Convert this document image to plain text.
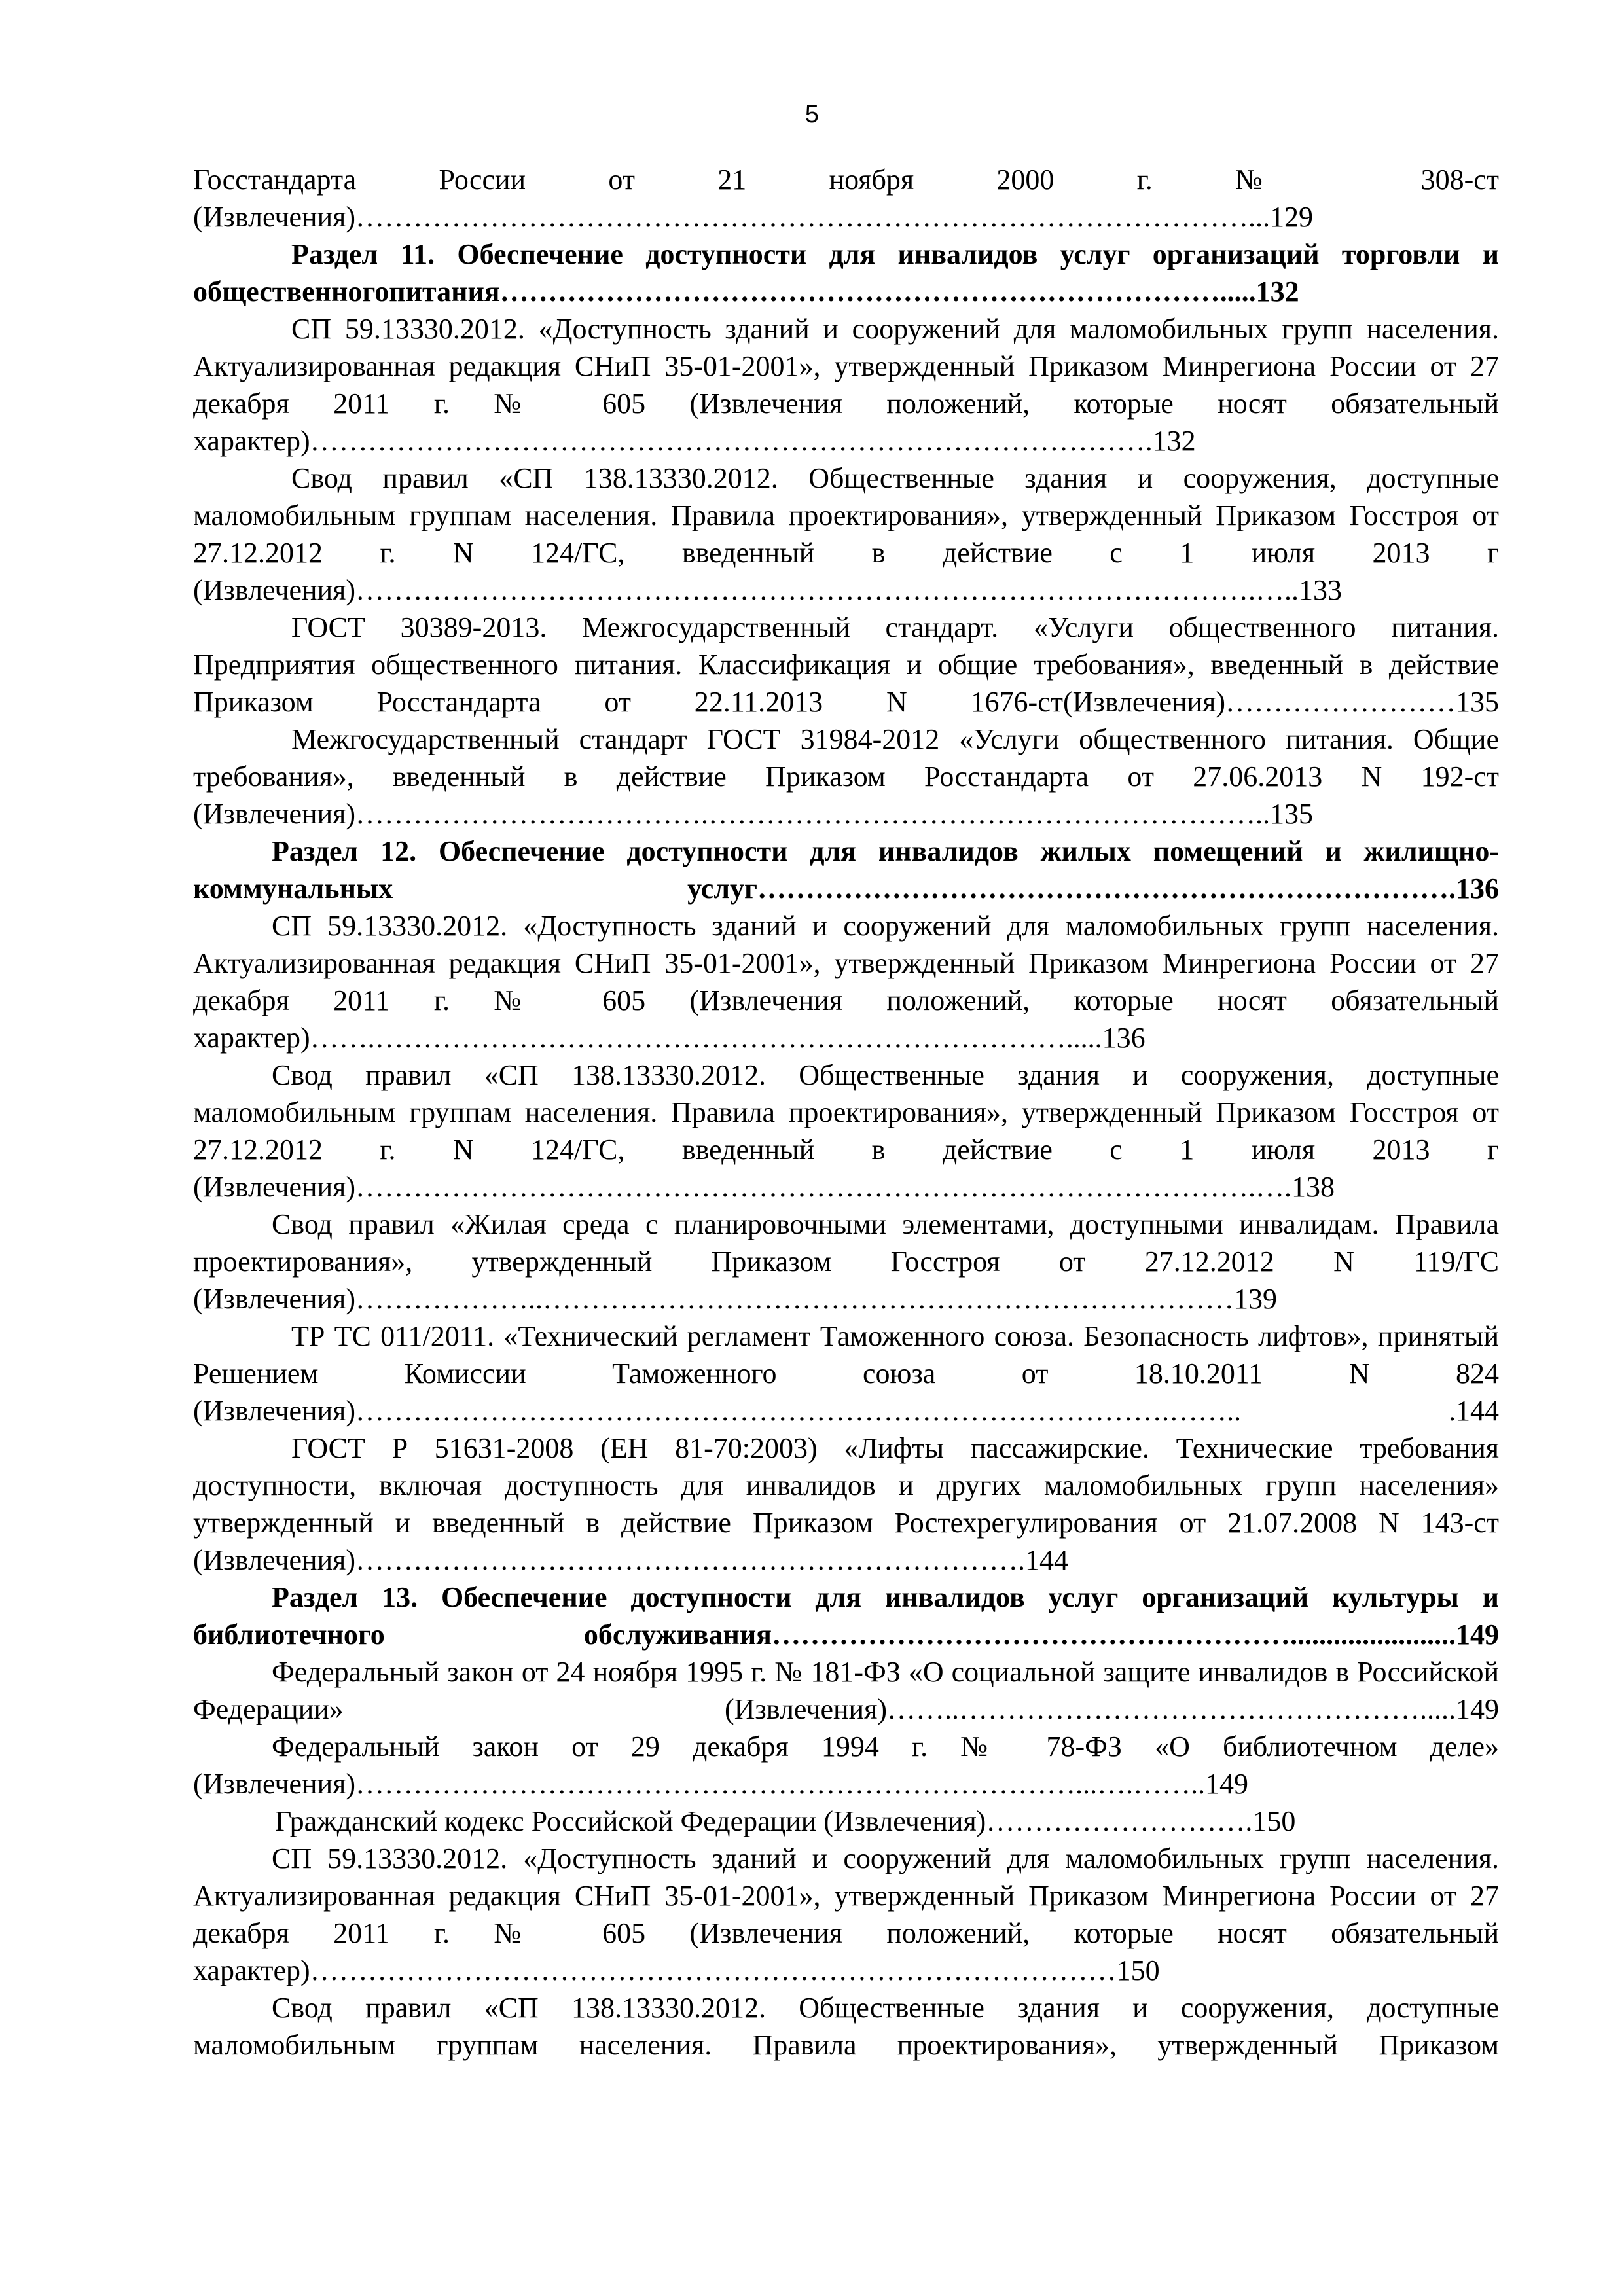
5

Госстандарта России от 21 ноября 2000 г. № 308-ст (Извлечения)…………………………………………………………………………………...129

Раздел 11. Обеспечение доступности для инвалидов услуг организаций торговли и общественногопитания………………………………………………………………….....132

СП 59.13330.2012. «Доступность зданий и сооружений для маломобильных групп населения. Актуализированная редакция СНиП 35-01-2001», утвержденный Приказом Минрегиона России от 27 декабря 2011 г. № 605 (Извлечения положений, которые носят обязательный характер)…………………………………………………………………………….132

Свод правил «СП 138.13330.2012. Общественные здания и сооружения, доступные маломобильным группам населения. Правила проектирования», утвержденный Приказом Госстроя от 27.12.2012 г. N 124/ГС, введенный в действие с 1 июля 2013 г (Извлечения)………………………………………………………………………………….…..133

ГОСТ 30389-2013. Межгосударственный стандарт. «Услуги общественного питания. Предприятия общественного питания. Классификация и общие требования», введенный в действие Приказом Росстандарта от 22.11.2013 N 1676-ст(Извлечения)……………………135

Межгосударственный стандарт ГОСТ 31984-2012 «Услуги общественного питания. Общие требования», введенный в действие Приказом Росстандарта от 27.06.2013 N 192-ст (Извлечения)……………………………….…………………………………………………..135

Раздел 12. Обеспечение доступности для инвалидов жилых помещений и жилищно-коммунальных услуг……………………………………………………………….136

СП 59.13330.2012. «Доступность зданий и сооружений для маломобильных групп населения. Актуализированная редакция СНиП 35-01-2001», утвержденный Приказом Минрегиона России от 27 декабря 2011 г. № 605 (Извлечения положений, которые носят обязательный характер)…….……………………………………………………………….....136

Свод правил «СП 138.13330.2012. Общественные здания и сооружения, доступные маломобильным группам населения. Правила проектирования», утвержденный Приказом Госстроя от 27.12.2012 г. N 124/ГС, введенный в действие с 1 июля 2013 г (Извлечения)………………………………………………………………………………….….138

Свод правил «Жилая среда с планировочными элементами, доступными инвалидам. Правила проектирования», утвержденный Приказом Госстроя от 27.12.2012 N 119/ГС (Извлечения)………………..………………………………………………………………139

ТР ТС 011/2011. «Технический регламент Таможенного союза. Безопасность лифтов», принятый Решением Комиссии Таможенного союза от 18.10.2011 N 824 (Извлечения)………………………………………………………………………….…….. .144

ГОСТ Р 51631-2008 (ЕН 81-70:2003) «Лифты пассажирские. Технические требования доступности, включая доступность для инвалидов и других маломобильных групп населения» утвержденный и введенный в действие Приказом Ростехрегулирования от 21.07.2008 N 143-ст (Извлечения)…………………………………………………………….144

Раздел 13. Обеспечение доступности для инвалидов услуг организаций культуры и библиотечного обслуживания……………………………………………….......................149

Федеральный закон от 24 ноября 1995 г. № 181-ФЗ «О социальной защите инвалидов в Российской Федерации» (Извлечения)……..………………………………………….....149

Федеральный закон от 29 декабря 1994 г. № 78-ФЗ «О библиотечном деле» (Извлечения)…………………………………………………………………...….……..149

Гражданский кодекс Российской Федерации (Извлечения)……………………….150

СП 59.13330.2012. «Доступность зданий и сооружений для маломобильных групп населения. Актуализированная редакция СНиП 35-01-2001», утвержденный Приказом Минрегиона России от 27 декабря 2011 г. № 605 (Извлечения положений, которые носят обязательный характер)…………………………………………………………………………150

Свод правил «СП 138.13330.2012. Общественные здания и сооружения, доступные маломобильным группам населения. Правила проектирования», утвержденный Приказом
